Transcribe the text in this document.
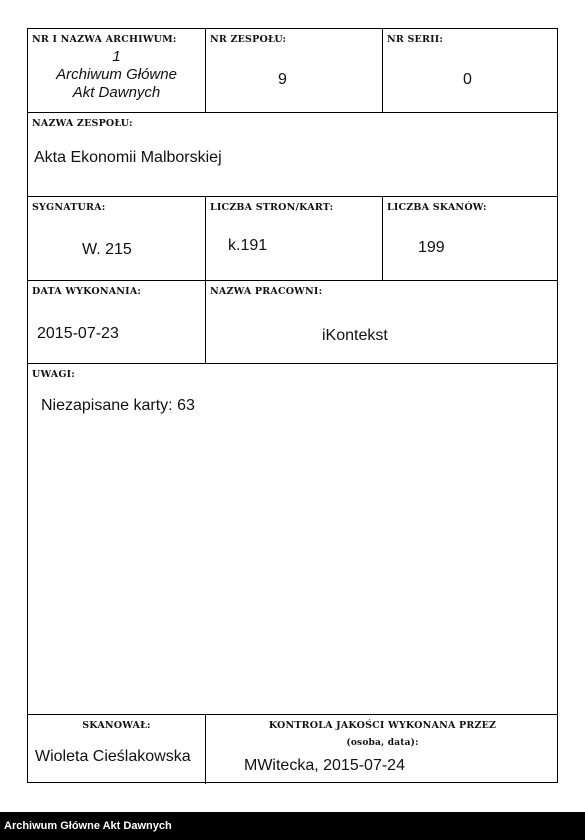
NR I NAZWA ARCHIWUM:
1
Archiwum Główne
Akt Dawnych
NR ZESPOŁU:
9
NR SERII:
0
NAZWA ZESPOŁU:
Akta Ekonomii Malborskiej
SYGNATURA:
W. 215
LICZBA STRON/KART:
k.191
LICZBA SKANÓW:
199
DATA WYKONANIA:
2015-07-23
NAZWA PRACOWNI:
iKontekst
UWAGI:
Niezapisane karty: 63
SKANOWAŁ:
Wioleta Cieślakowska
KONTROLA JAKOŚCI WYKONANA PRZEZ
(osoba, data):
MWitecka, 2015-07-24
Archiwum Główne Akt Dawnych
